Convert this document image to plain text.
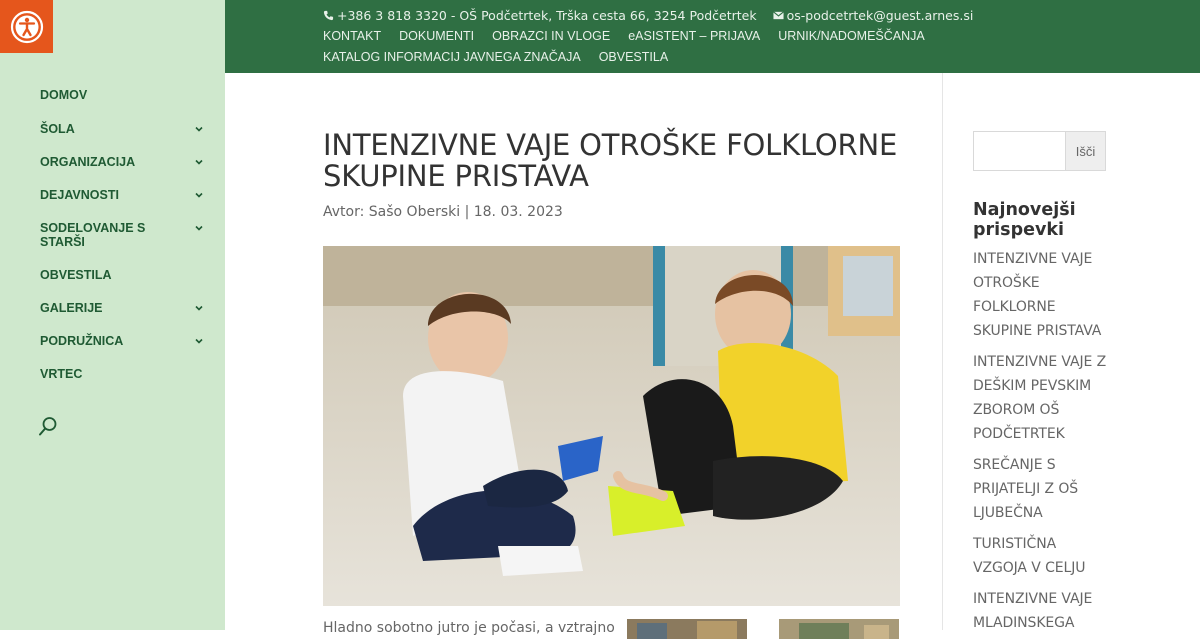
DOMOV
ŠOLA
ORGANIZACIJA
DEJAVNOSTI
SODELOVANJE S STARŠI
OBVESTILA
GALERIJE
PODRUŽNICA
VRTEC
+386 3 818 3320 - OŠ Podčetrtek, Trška cesta 66, 3254 Podčetrtek os-podcetrtek@guest.arnes.si
KONTAKT DOKUMENTI OBRAZCI IN VLOGE eASISTENT – PRIJAVA URNIK/NADOMEŠČANJA
KATALOG INFORMACIJ JAVNEGA ZNAČAJA OBVESTILA
INTENZIVNE VAJE OTROŠKE FOLKLORNE SKUPINE PRISTAVA
Avtor: Sašo Oberski | 18. 03. 2023
Hladno sobotno jutro je počasi, a vztrajno
Išči
Najnovejši prispevki
INTENZIVNE VAJE OTROŠKE FOLKLORNE SKUPINE PRISTAVA
INTENZIVNE VAJE Z DEŠKIM PEVSKIM ZBOROM OŠ PODČETRTEK
SREČANJE S PRIJATELJI Z OŠ LJUBEČNA
TURISTIČNA VZGOJA V CELJU
INTENZIVNE VAJE MLADINSKEGA
